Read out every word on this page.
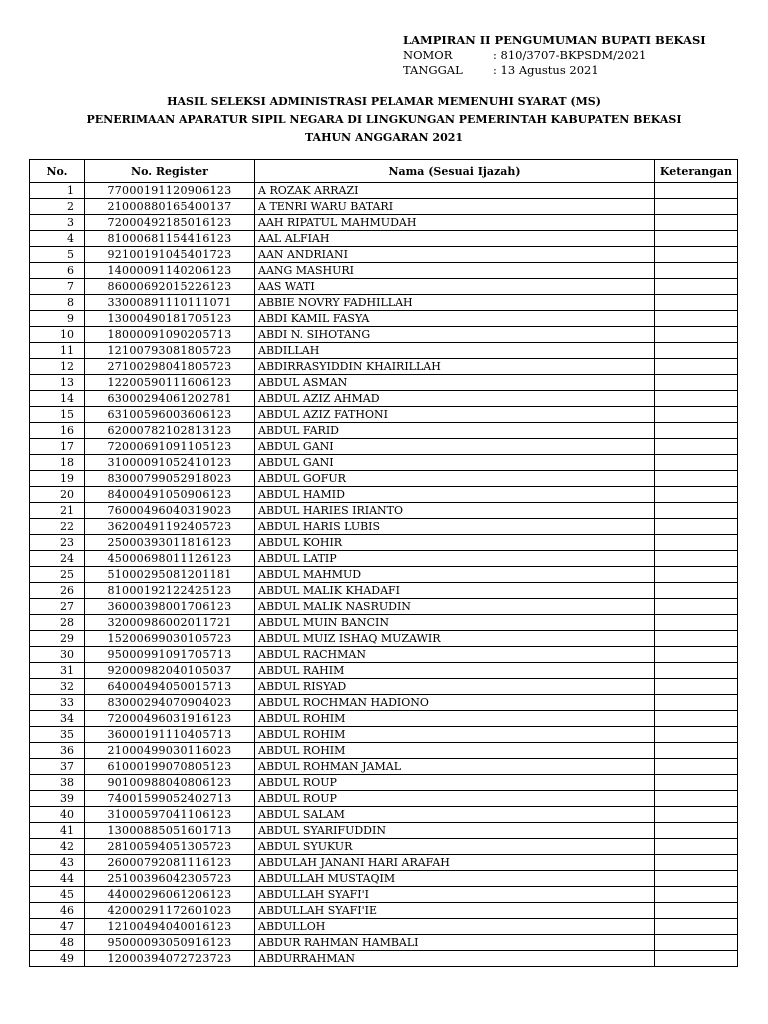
LAMPIRAN II PENGUMUMAN BUPATI BEKASI
NOMOR	: 810/3707-BKPSDM/2021
TANGGAL	: 13 Agustus 2021
HASIL SELEKSI ADMINISTRASI PELAMAR MEMENUHI SYARAT (MS)
PENERIMAAN APARATUR SIPIL NEGARA DI LINGKUNGAN PEMERINTAH KABUPATEN BEKASI
TAHUN ANGGARAN 2021
No.	No. Register	Nama (Sesuai Ijazah)	Keterangan
1	77000191120906123	A ROZAK ARRAZI	
2	21000880165400137	A TENRI WARU BATARI	
3	72000492185016123	AAH RIPATUL MAHMUDAH	
4	81000681154416123	AAL ALFIAH	
5	92100191045401723	AAN ANDRIANI	
6	14000091140206123	AANG MASHURI	
7	86000692015226123	AAS WATI	
8	33000891110111071	ABBIE NOVRY FADHILLAH	
9	13000490181705123	ABDI KAMIL FASYA	
10	18000091090205713	ABDI N. SIHOTANG	
11	12100793081805723	ABDILLAH	
12	27100298041805723	ABDIRRASYIDDIN KHAIRILLAH	
13	12200590111606123	ABDUL ASMAN	
14	63000294061202781	ABDUL AZIZ AHMAD	
15	63100596003606123	ABDUL AZIZ FATHONI	
16	62000782102813123	ABDUL FARID	
17	72000691091105123	ABDUL GANI	
18	31000091052410123	ABDUL GANI	
19	83000799052918023	ABDUL GOFUR	
20	84000491050906123	ABDUL HAMID	
21	76000496040319023	ABDUL HARIES IRIANTO	
22	36200491192405723	ABDUL HARIS LUBIS	
23	25000393011816123	ABDUL KOHIR	
24	45000698011126123	ABDUL LATIP	
25	51000295081201181	ABDUL MAHMUD	
26	81000192122425123	ABDUL MALIK KHADAFI	
27	36000398001706123	ABDUL MALIK NASRUDIN	
28	32000986002011721	ABDUL MUIN BANCIN	
29	15200699030105723	ABDUL MUIZ ISHAQ MUZAWIR	
30	95000991091705713	ABDUL RACHMAN	
31	92000982040105037	ABDUL RAHIM	
32	64000494050015713	ABDUL RISYAD	
33	83000294070904023	ABDUL ROCHMAN HADIONO	
34	72000496031916123	ABDUL ROHIM	
35	36000191110405713	ABDUL ROHIM	
36	21000499030116023	ABDUL ROHIM	
37	61000199070805123	ABDUL ROHMAN JAMAL	
38	90100988040806123	ABDUL ROUP	
39	74001599052402713	ABDUL ROUP	
40	31000597041106123	ABDUL SALAM	
41	13000885051601713	ABDUL SYARIFUDDIN	
42	28100594051305723	ABDUL SYUKUR	
43	26000792081116123	ABDULAH JANANI HARI ARAFAH	
44	25100396042305723	ABDULLAH MUSTAQIM	
45	44000296061206123	ABDULLAH SYAFI'I	
46	42000291172601023	ABDULLAH SYAFI'IE	
47	12100494040016123	ABDULLOH	
48	95000093050916123	ABDUR RAHMAN HAMBALI	
49	12000394072723723	ABDURRAHMAN	
